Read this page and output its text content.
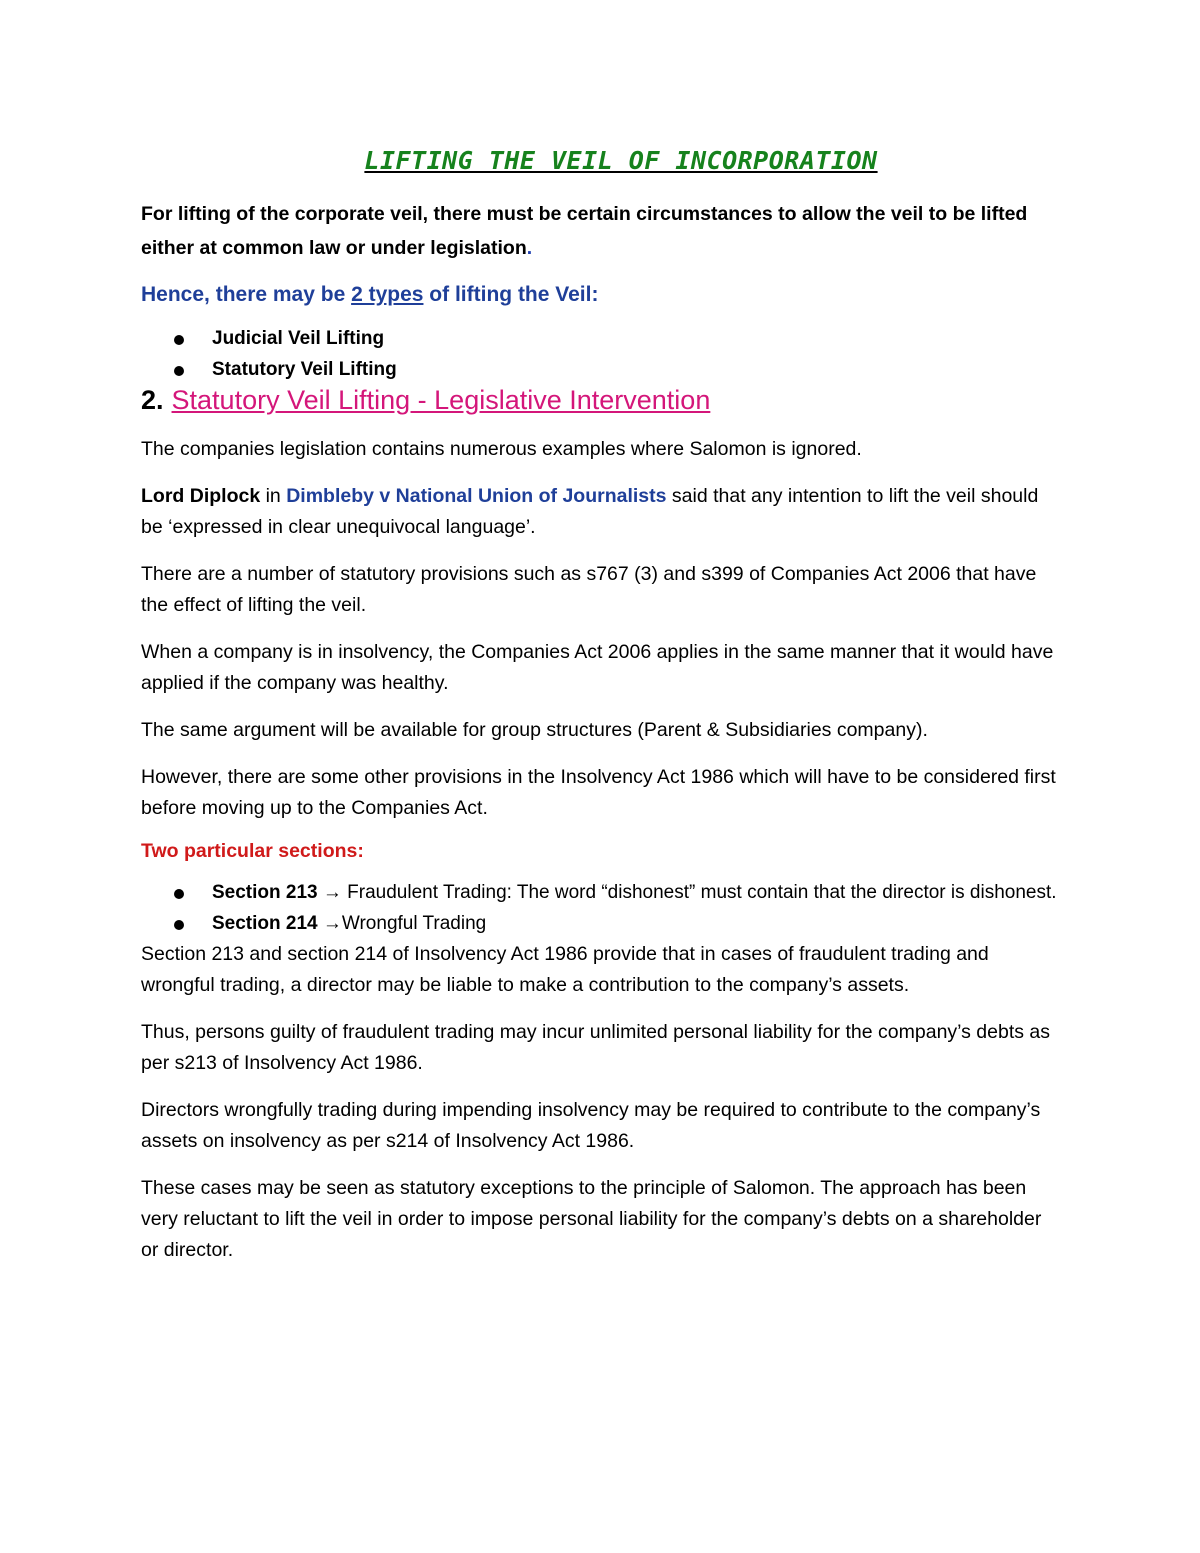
LIFTING THE VEIL OF INCORPORATION

For lifting of the corporate veil, there must be certain circumstances to allow the veil to be lifted either at common law or under legislation.

Hence, there may be 2 types of lifting the Veil:

Judicial Veil Lifting
Statutory Veil Lifting
2. Statutory Veil Lifting - Legislative Intervention

The companies legislation contains numerous examples where Salomon is ignored.

Lord Diplock in Dimbleby v National Union of Journalists said that any intention to lift the veil should be ‘expressed in clear unequivocal language’.

There are a number of statutory provisions such as s767 (3) and s399 of Companies Act 2006 that have the effect of lifting the veil.

When a company is in insolvency, the Companies Act 2006 applies in the same manner that it would have applied if the company was healthy.

The same argument will be available for group structures (Parent & Subsidiaries company).

However, there are some other provisions in the Insolvency Act 1986 which will have to be considered first before moving up to the Companies Act.

Two particular sections:

Section 213 → Fraudulent Trading: The word “dishonest” must contain that the director is dishonest.
Section 214 →Wrongful Trading

Section 213 and section 214 of Insolvency Act 1986 provide that in cases of fraudulent trading and wrongful trading, a director may be liable to make a contribution to the company’s assets.

Thus, persons guilty of fraudulent trading may incur unlimited personal liability for the company’s debts as per s213 of Insolvency Act 1986.

Directors wrongfully trading during impending insolvency may be required to contribute to the company’s assets on insolvency as per s214 of Insolvency Act 1986.

These cases may be seen as statutory exceptions to the principle of Salomon. The approach has been very reluctant to lift the veil in order to impose personal liability for the company’s debts on a shareholder or director.
